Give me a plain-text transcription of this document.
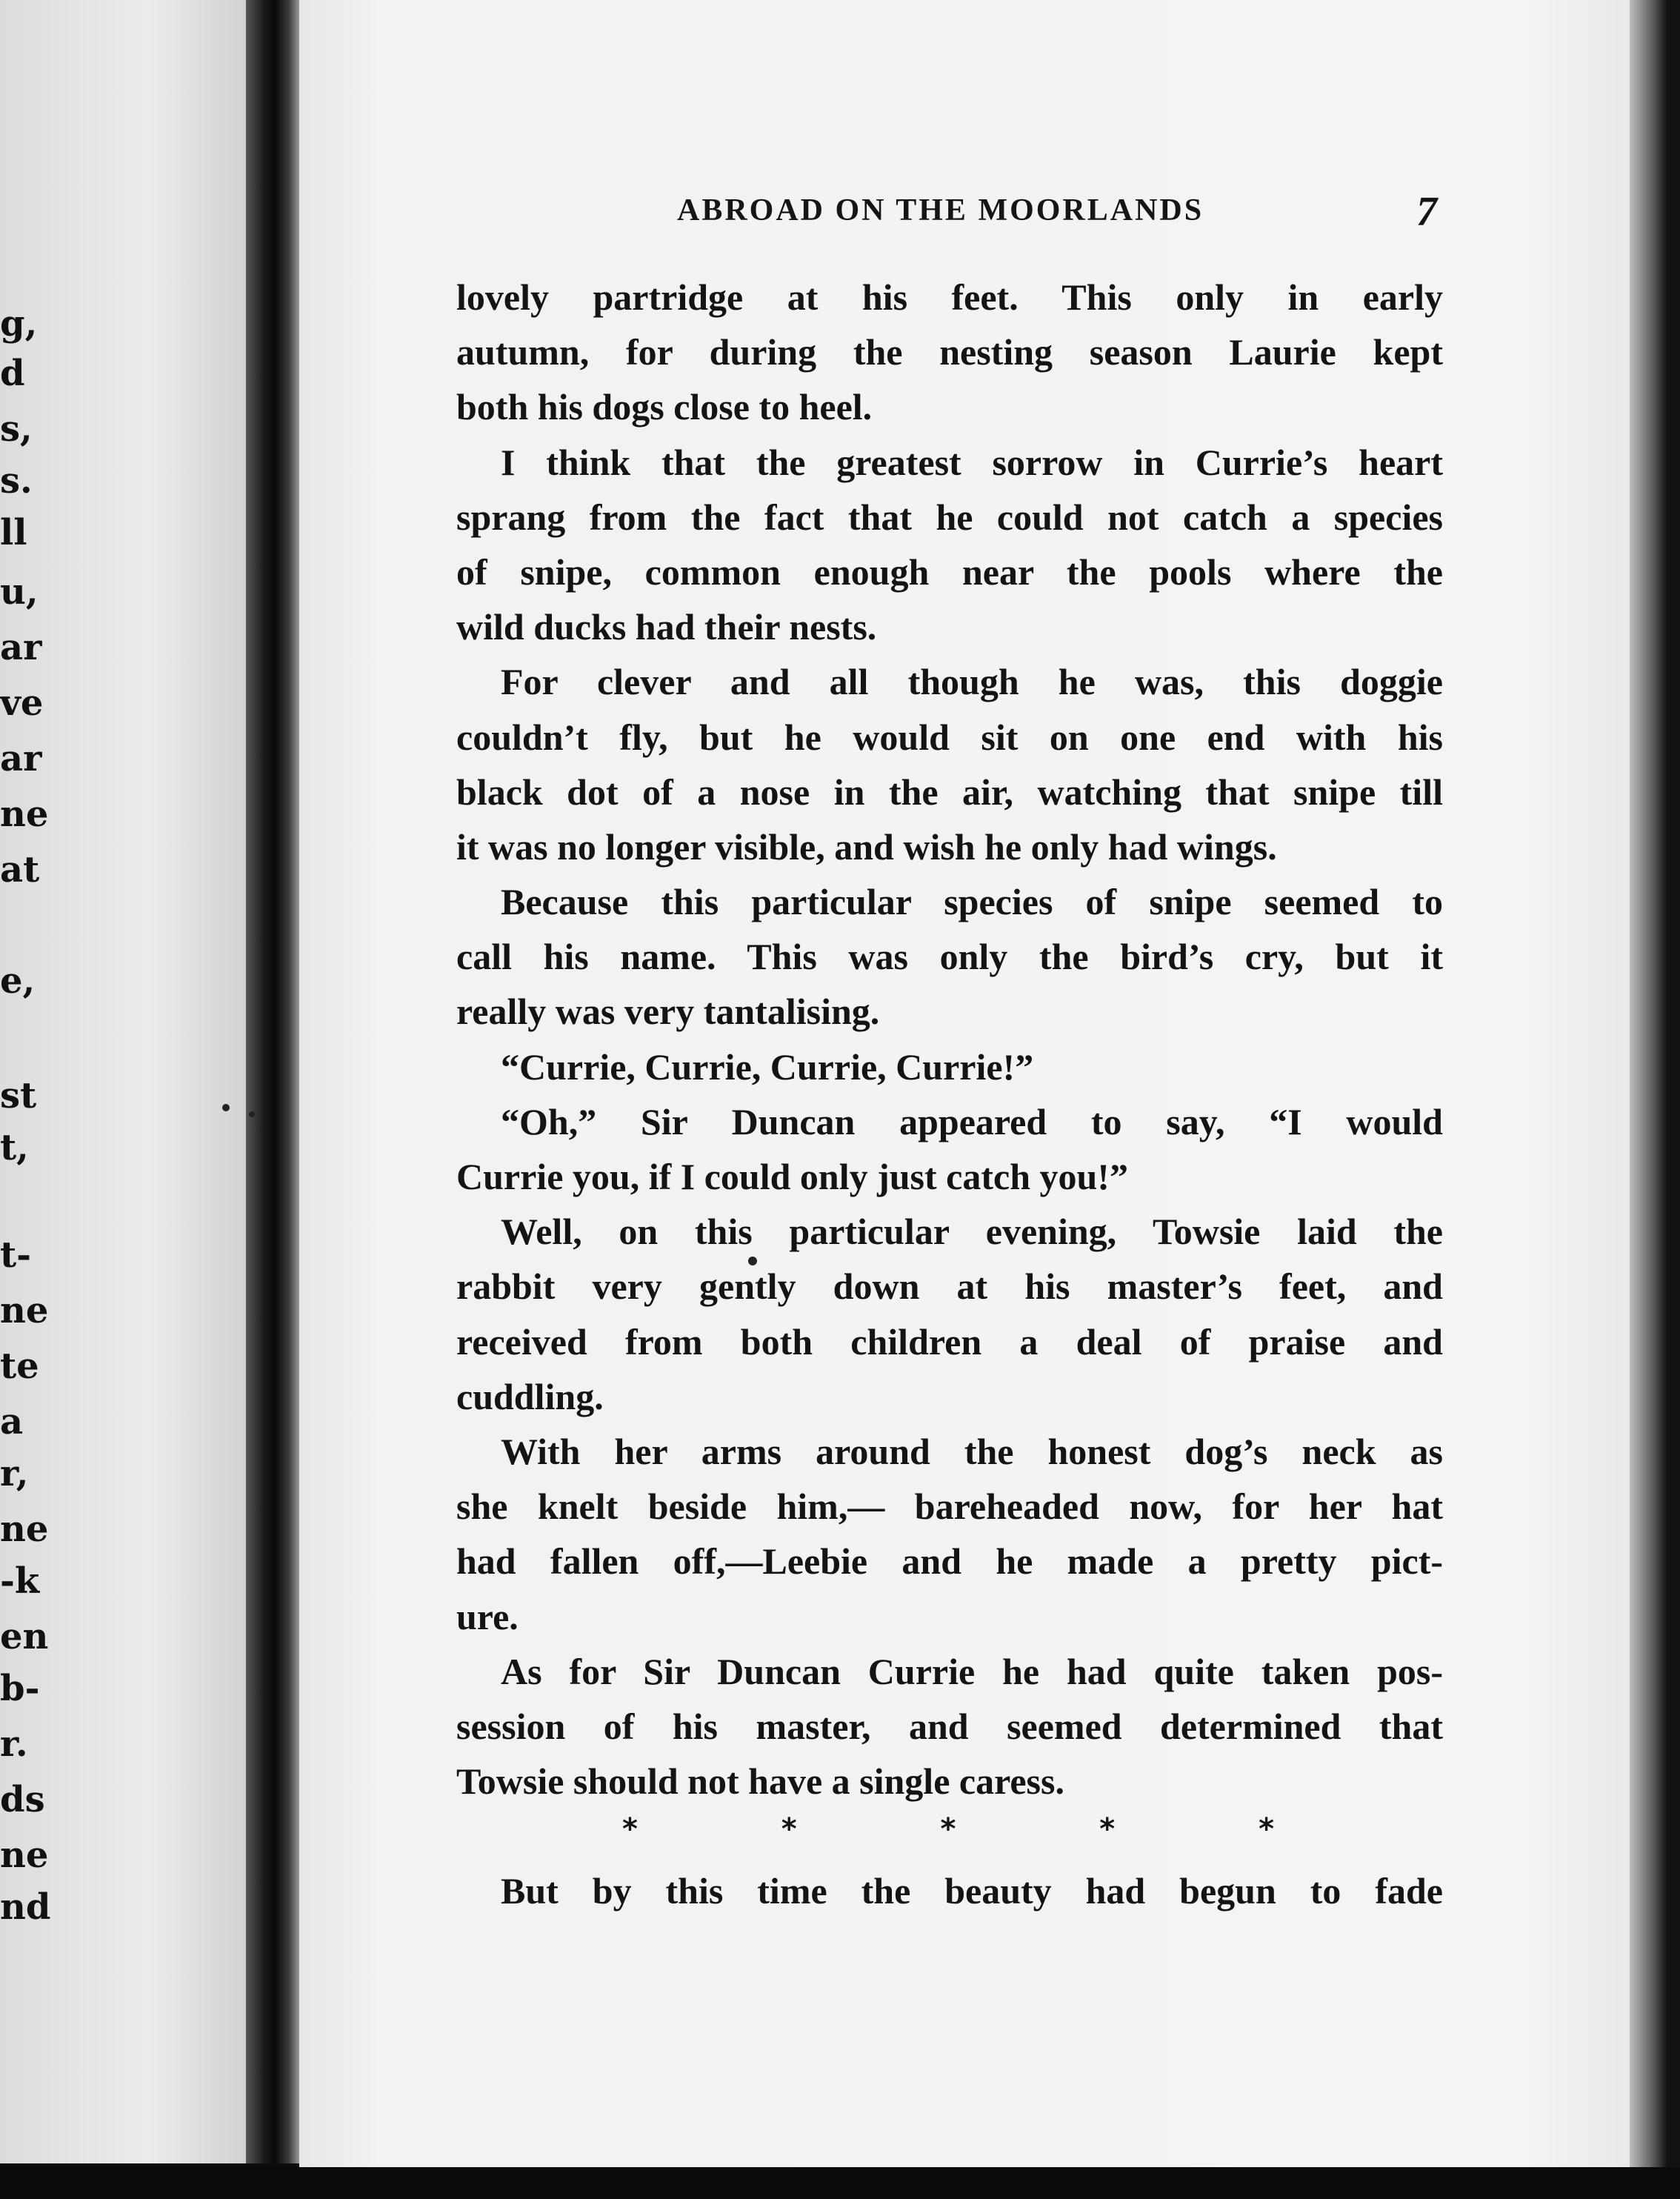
g,
d
s,
s.
ll
u,
ar
ve
ar
ne
at
e,
st
t,
t-
ne
te
a
r,
ne
-k
en
b-
r.
ds
ne
nd
ABROAD ON THE MOORLANDS	7
lovely partridge at his feet. This only in early
autumn, for during the nesting season Laurie kept
both his dogs close to heel.
I think that the greatest sorrow in Currie’s heart
sprang from the fact that he could not catch a species
of snipe, common enough near the pools where the
wild ducks had their nests.
For clever and all though he was, this doggie
couldn’t fly, but he would sit on one end with his
black dot of a nose in the air, watching that snipe till
it was no longer visible, and wish he only had wings.
Because this particular species of snipe seemed to
call his name. This was only the bird’s cry, but it
really was very tantalising.
“Currie, Currie, Currie, Currie!”
“Oh,” Sir Duncan appeared to say, “I would
Currie you, if I could only just catch you!”
Well, on this particular evening, Towsie laid the
rabbit very gently down at his master’s feet, and
received from both children a deal of praise and
cuddling.
With her arms around the honest dog’s neck as
she knelt beside him,— bareheaded now, for her hat
had fallen off,—Leebie and he made a pretty pict-
ure.
As for Sir Duncan Currie he had quite taken pos-
session of his master, and seemed determined that
Towsie should not have a single caress.
*	*	*	*	*
But by this time the beauty had begun to fade
